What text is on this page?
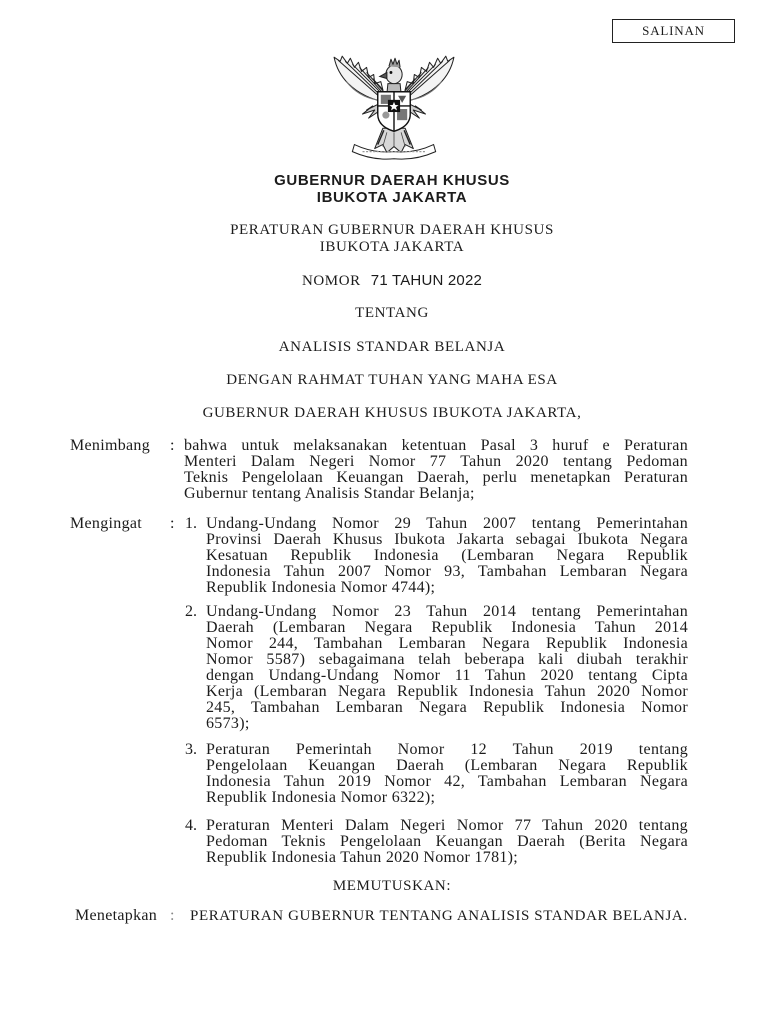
SALINAN
GUBERNUR DAERAH KHUSUS
IBUKOTA JAKARTA
PERATURAN GUBERNUR DAERAH KHUSUS
IBUKOTA JAKARTA
NOMOR 71 TAHUN 2022
TENTANG
ANALISIS STANDAR BELANJA
DENGAN RAHMAT TUHAN YANG MAHA ESA
GUBERNUR DAERAH KHUSUS IBUKOTA JAKARTA,
Menimbang : bahwa untuk melaksanakan ketentuan Pasal 3 huruf e Peraturan
Menteri Dalam Negeri Nomor 77 Tahun 2020 tentang Pedoman
Teknis Pengelolaan Keuangan Daerah, perlu menetapkan Peraturan
Gubernur tentang Analisis Standar Belanja;
Mengingat : 1. Undang-Undang Nomor 29 Tahun 2007 tentang Pemerintahan
Provinsi Daerah Khusus Ibukota Jakarta sebagai Ibukota Negara
Kesatuan Republik Indonesia (Lembaran Negara Republik
Indonesia Tahun 2007 Nomor 93, Tambahan Lembaran Negara
Republik Indonesia Nomor 4744);
2. Undang-Undang Nomor 23 Tahun 2014 tentang Pemerintahan
Daerah (Lembaran Negara Republik Indonesia Tahun 2014
Nomor 244, Tambahan Lembaran Negara Republik Indonesia
Nomor 5587) sebagaimana telah beberapa kali diubah terakhir
dengan Undang-Undang Nomor 11 Tahun 2020 tentang Cipta
Kerja (Lembaran Negara Republik Indonesia Tahun 2020 Nomor
245, Tambahan Lembaran Negara Republik Indonesia Nomor
6573);
3. Peraturan Pemerintah Nomor 12 Tahun 2019 tentang
Pengelolaan Keuangan Daerah (Lembaran Negara Republik
Indonesia Tahun 2019 Nomor 42, Tambahan Lembaran Negara
Republik Indonesia Nomor 6322);
4. Peraturan Menteri Dalam Negeri Nomor 77 Tahun 2020 tentang
Pedoman Teknis Pengelolaan Keuangan Daerah (Berita Negara
Republik Indonesia Tahun 2020 Nomor 1781);
MEMUTUSKAN:
Menetapkan : PERATURAN GUBERNUR TENTANG ANALISIS STANDAR BELANJA.
